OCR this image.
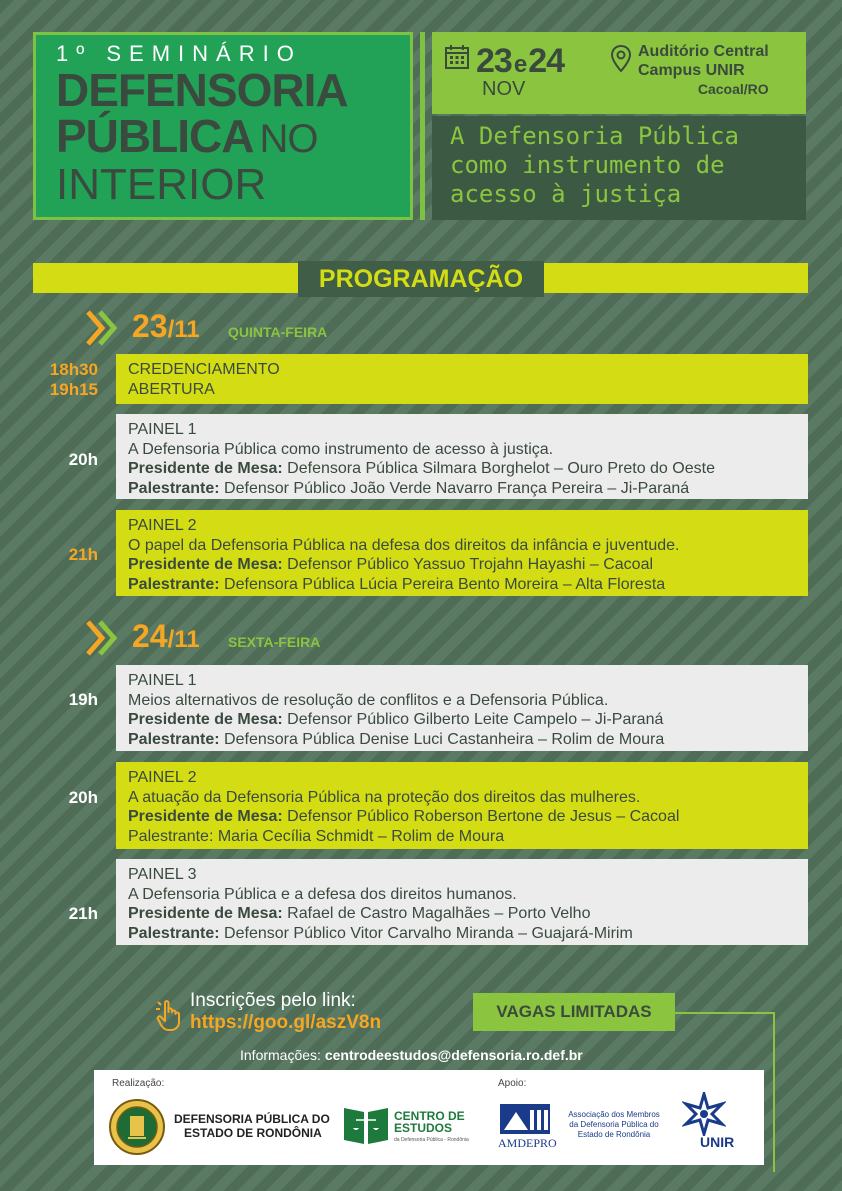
1º SEMINÁRIO
DEFENSORIA
PÚBLICA NO
INTERIOR
23e24
NOV
Auditório Central
Campus UNIR
Cacoal/RO
A Defensoria Pública
como instrumento de
acesso à justiça
PROGRAMAÇÃO
23/11 QUINTA-FEIRA
18h30
19h15
CREDENCIAMENTO
ABERTURA
20h
PAINEL 1
A Defensoria Pública como instrumento de acesso à justiça.
Presidente de Mesa: Defensora Pública Silmara Borghelot – Ouro Preto do Oeste
Palestrante: Defensor Público João Verde Navarro França Pereira – Ji-Paraná
21h
PAINEL 2
O papel da Defensoria Pública na defesa dos direitos da infância e juventude.
Presidente de Mesa: Defensor Público Yassuo Trojahn Hayashi – Cacoal
Palestrante: Defensora Pública Lúcia Pereira Bento Moreira – Alta Floresta
24/11 SEXTA-FEIRA
19h
PAINEL 1
Meios alternativos de resolução de conflitos e a Defensoria Pública.
Presidente de Mesa: Defensor Público Gilberto Leite Campelo – Ji-Paraná
Palestrante: Defensora Pública Denise Luci Castanheira – Rolim de Moura
20h
PAINEL 2
A atuação da Defensoria Pública na proteção dos direitos das mulheres.
Presidente de Mesa: Defensor Público Roberson Bertone de Jesus – Cacoal
Palestrante: Maria Cecília Schmidt – Rolim de Moura
21h
PAINEL 3
A Defensoria Pública e a defesa dos direitos humanos.
Presidente de Mesa: Rafael de Castro Magalhães – Porto Velho
Palestrante: Defensor Público Vitor Carvalho Miranda – Guajará-Mirim
Inscrições pelo link:
https://goo.gl/aszV8n
VAGAS LIMITADAS
Informações: centrodeestudos@defensoria.ro.def.br
Realização:	Apoio:
DEFENSORIA PÚBLICA DO
ESTADO DE RONDÔNIA
CENTRO DE
ESTUDOS
da Defensoria Pública - Rondônia AMDEPRO
Associação dos Membros
da Defensoria Pública do
Estado de Rondônia	UNIR
